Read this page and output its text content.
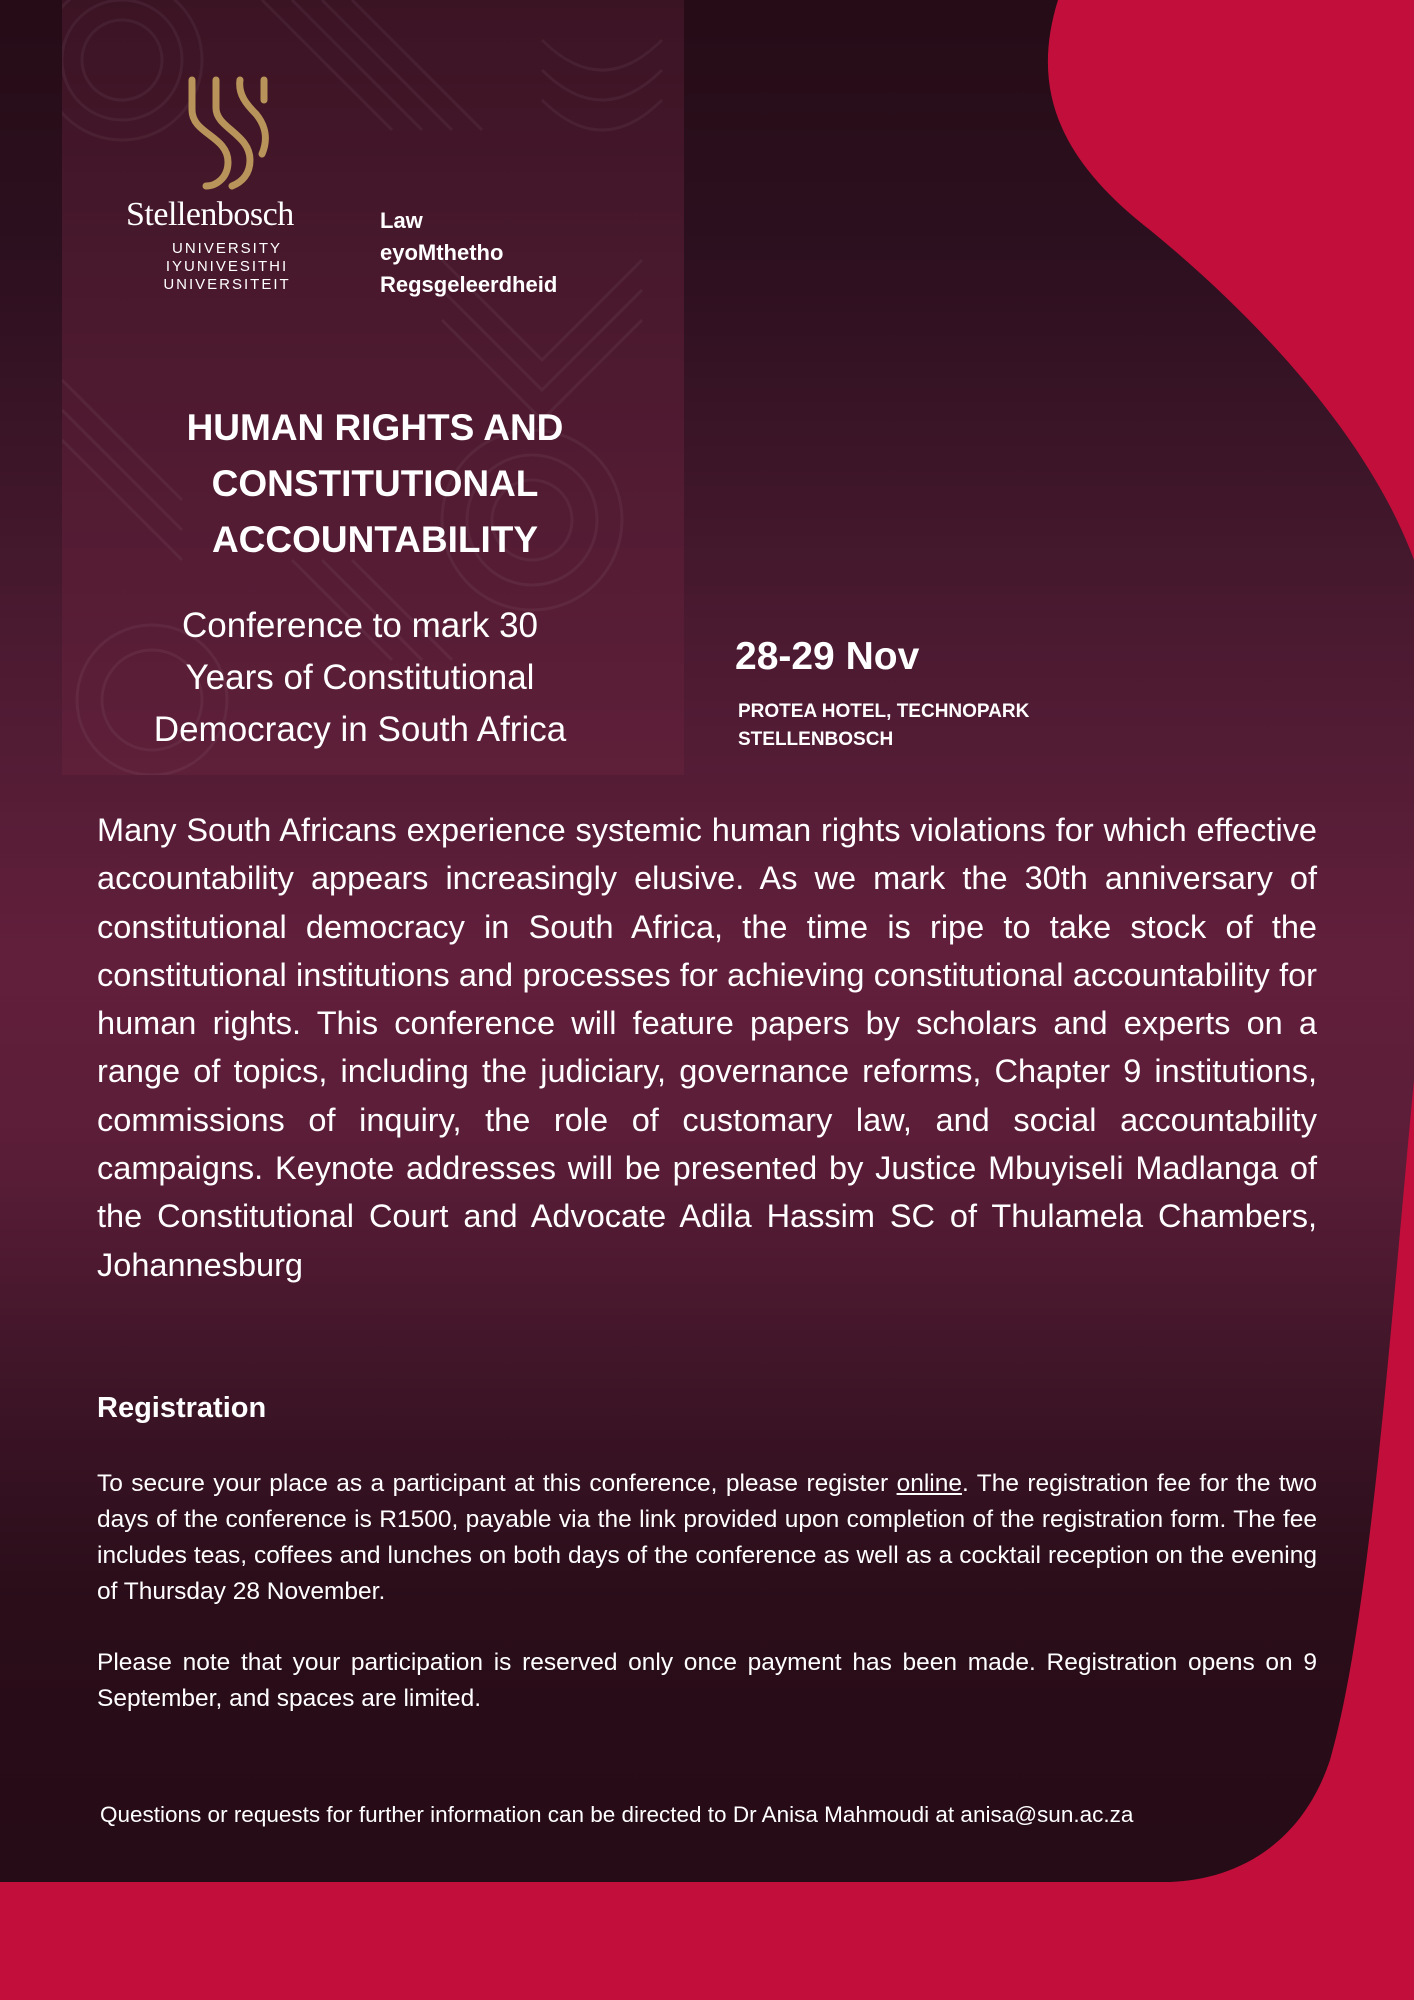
Stellenbosch
UNIVERSITY
IYUNIVESITHI
UNIVERSITEIT
Law
eyoMthetho
Regsgeleerdheid
HUMAN RIGHTS AND
CONSTITUTIONAL
ACCOUNTABILITY
Conference to mark 30
Years of Constitutional
Democracy in South Africa
28-29 Nov
PROTEA HOTEL, TECHNOPARK
STELLENBOSCH
Many South Africans experience systemic human rights violations for which effective accountability appears increasingly elusive. As we mark the 30th anniversary of constitutional democracy in South Africa, the time is ripe to take stock of the constitutional institutions and processes for achieving constitutional accountability for human rights. This conference will feature papers by scholars and experts on a range of topics, including the judiciary, governance reforms, Chapter 9 institutions, commissions of inquiry, the role of customary law, and social accountability campaigns. Keynote addresses will be presented by Justice Mbuyiseli Madlanga of the Constitutional Court and Advocate Adila Hassim SC of Thulamela Chambers, Johannesburg
Registration

To secure your place as a participant at this conference, please register online. The registration fee for the two days of the conference is R1500, payable via the link provided upon completion of the registration form. The fee includes teas, coffees and lunches on both days of the conference as well as a cocktail reception on the evening of Thursday 28 November.

Please note that your participation is reserved only once payment has been made. Registration opens on 9 September, and spaces are limited.

Questions or requests for further information can be directed to Dr Anisa Mahmoudi at anisa@sun.ac.za
